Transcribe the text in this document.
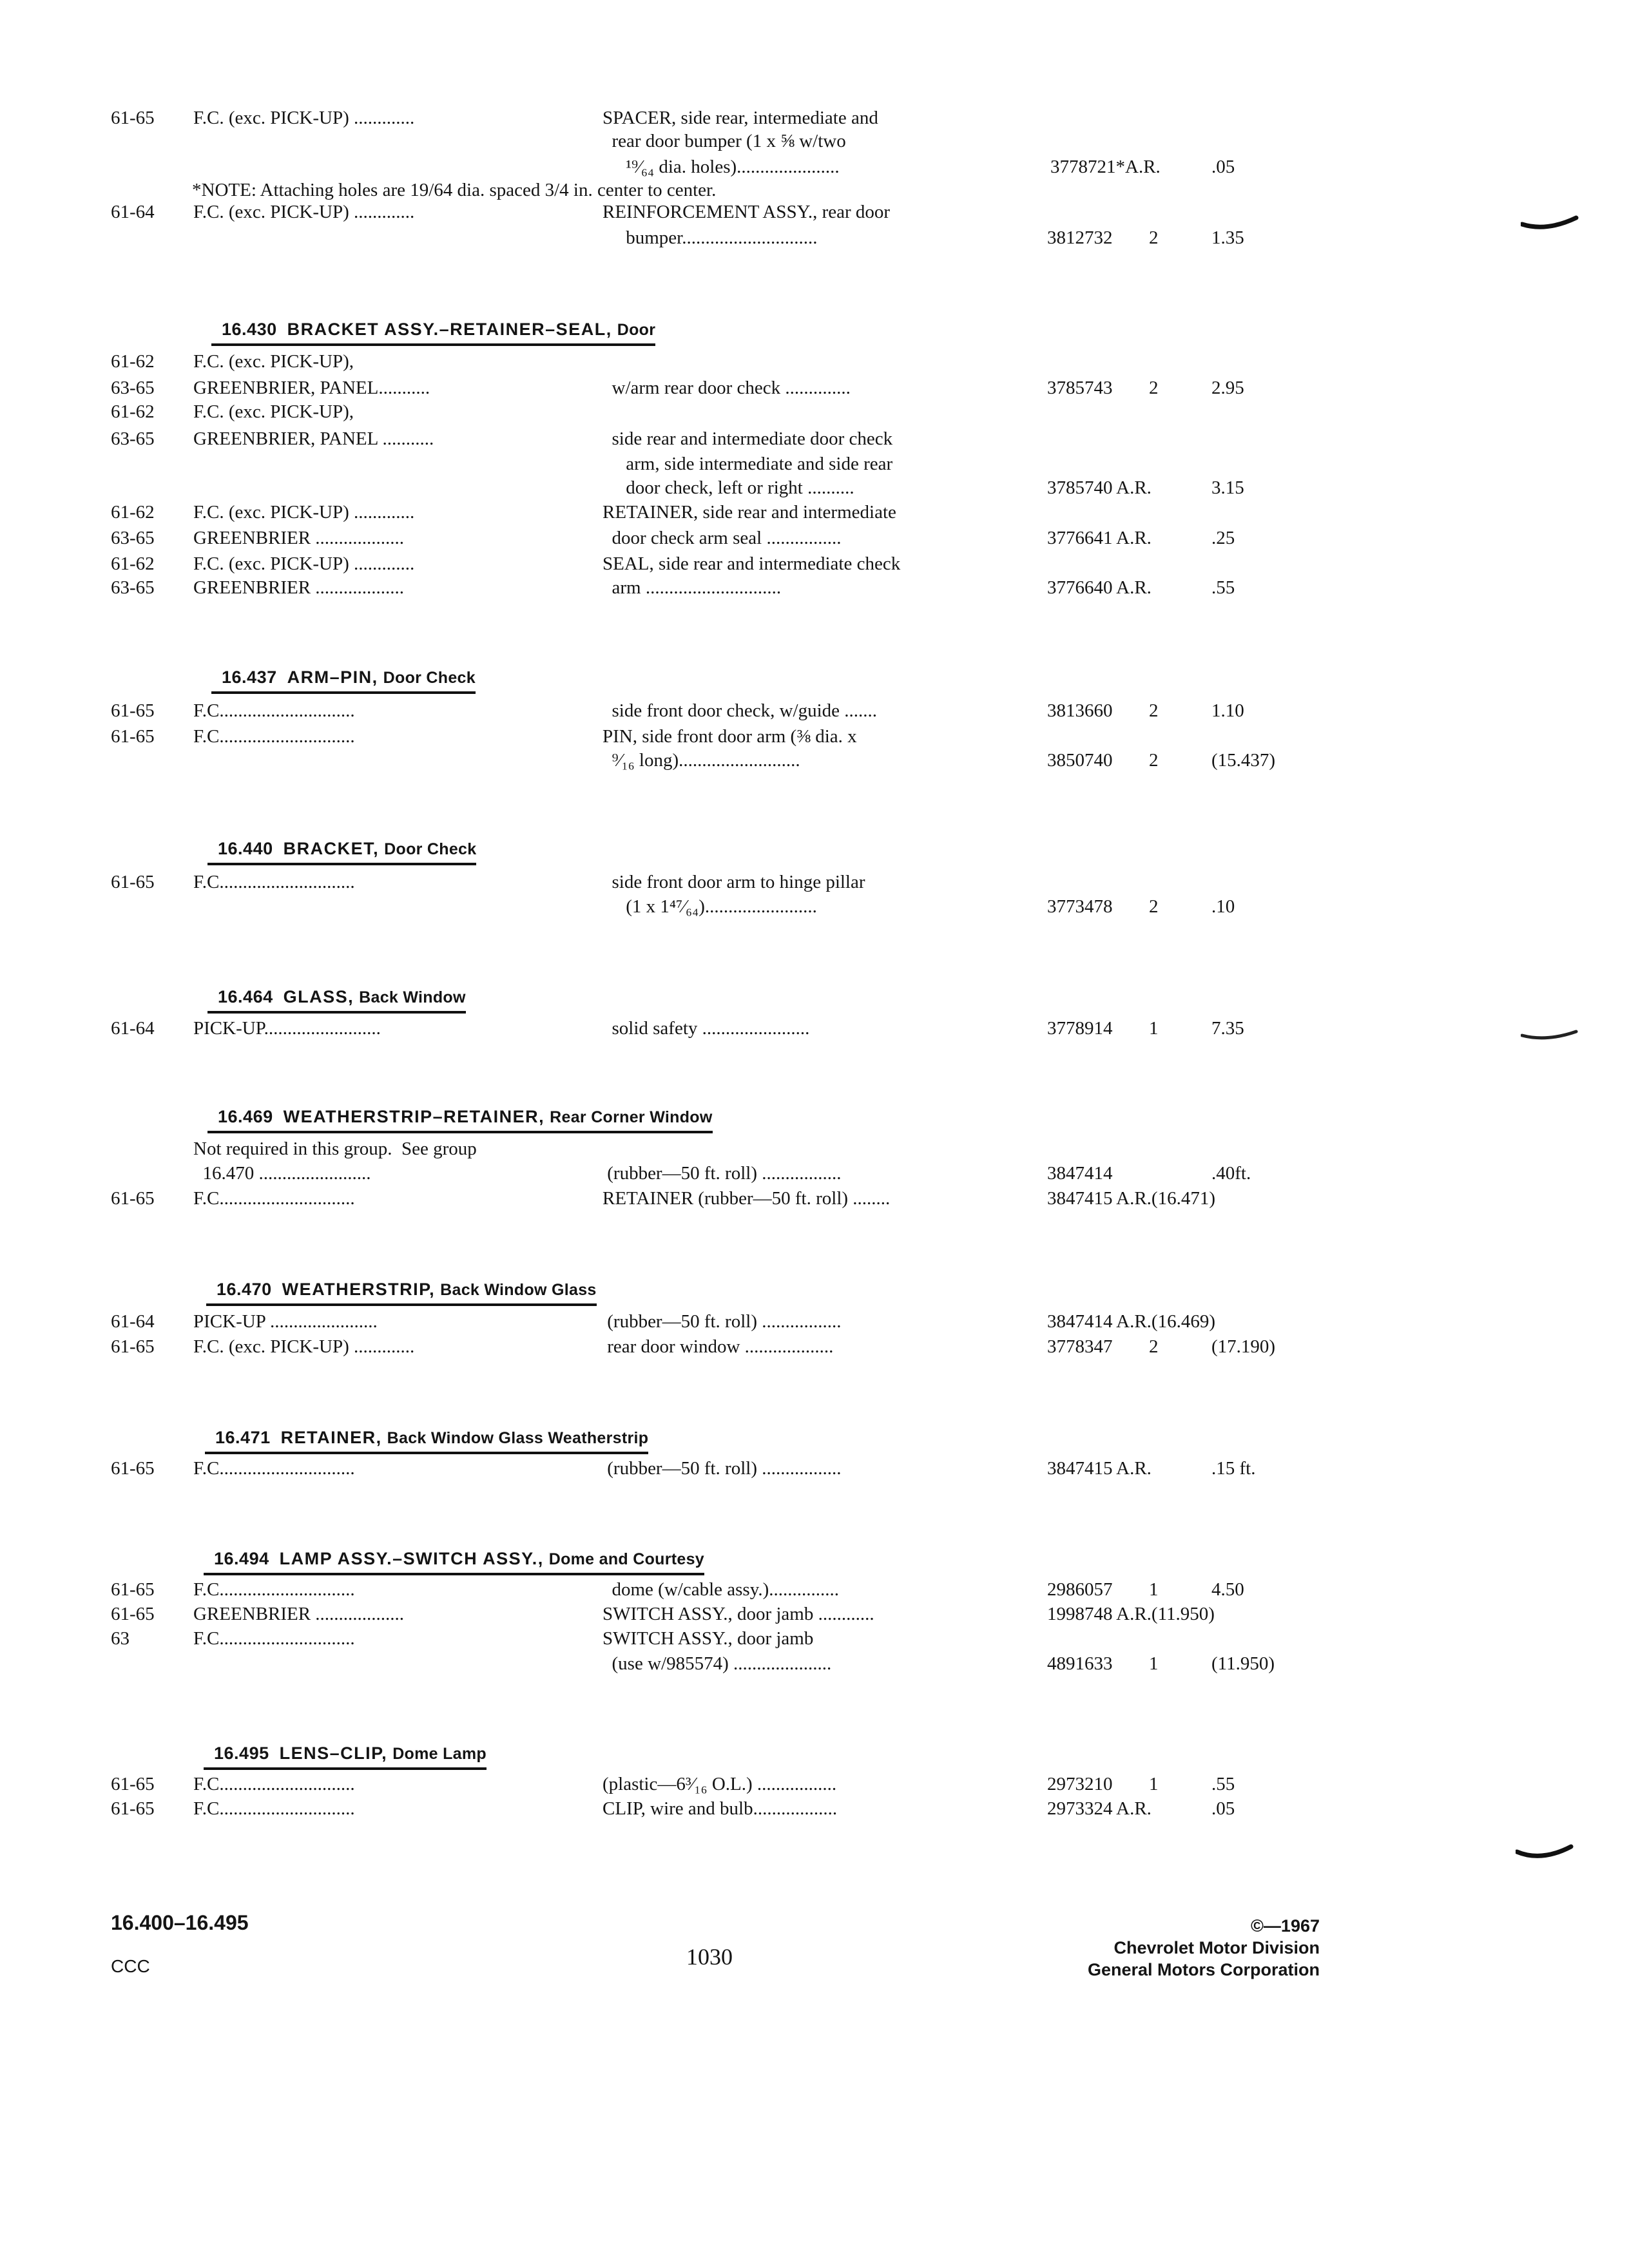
61-65 F.C. (exc. PICK-UP) .............	SPACER, side rear, intermediate and
rear door bumper (1 x ⅝ w/two
¹⁹⁄₆₄ dia. holes)......................	3778721*A.R.	.05
*NOTE: Attaching holes are 19/64 dia. spaced 3/4 in. center to center.
61-64 F.C. (exc. PICK-UP) .............	REINFORCEMENT ASSY., rear door
bumper.............................	3812732 2	1.35
61-62 F.C. (exc. PICK-UP),
63-65 GREENBRIER, PANEL...........	w/arm rear door check ..............	3785743 2	2.95
61-62 F.C. (exc. PICK-UP),
63-65 GREENBRIER, PANEL ...........	side rear and intermediate door check
arm, side intermediate and side rear
door check, left or right ..........	3785740 A.R.	3.15
61-62 F.C. (exc. PICK-UP) .............	RETAINER, side rear and intermediate
63-65 GREENBRIER ...................	door check arm seal ................	3776641 A.R.	.25
61-62 F.C. (exc. PICK-UP) .............	SEAL, side rear and intermediate check
63-65 GREENBRIER ...................	arm .............................	3776640 A.R.	.55
61-65 F.C.............................	side front door check, w/guide .......	3813660 2	1.10
61-65 F.C.............................	PIN, side front door arm (⅜ dia. x
⁹⁄₁₆ long)..........................	3850740 2	(15.437)
61-65 F.C.............................	side front door arm to hinge pillar
(1 x 1⁴⁷⁄₆₄)........................	3773478 2	.10
61-64 PICK-UP.........................	solid safety .......................	3778914 1	7.35
Not required in this group.  See group
16.470 ........................	(rubber—50 ft. roll) .................	3847414	.40ft.
61-65 F.C.............................	RETAINER (rubber—50 ft. roll) ........	3847415 A.R.(16.471)
61-64 PICK-UP .......................	(rubber—50 ft. roll) .................	3847414 A.R.(16.469)
61-65 F.C. (exc. PICK-UP) .............	rear door window ...................	3778347 2	(17.190)
61-65 F.C.............................	(rubber—50 ft. roll) .................	3847415 A.R.	.15 ft.
61-65 F.C.............................	dome (w/cable assy.)...............	2986057 1	4.50
61-65 GREENBRIER ...................	SWITCH ASSY., door jamb ............	1998748 A.R.(11.950)
63	F.C.............................	SWITCH ASSY., door jamb
(use w/985574) .....................	4891633 1	(11.950)
61-65 F.C.............................	(plastic—6³⁄₁₆ O.L.) .................	2973210 1	.55
61-65 F.C.............................	CLIP, wire and bulb..................	2973324 A.R.	.05

16.430 BRACKET ASSY.–RETAINER–SEAL, Door

16.437 ARM–PIN, Door Check

16.440 BRACKET, Door Check

16.464 GLASS, Back Window

16.469 WEATHERSTRIP–RETAINER, Rear Corner Window

16.470 WEATHERSTRIP, Back Window Glass

16.471 RETAINER, Back Window Glass Weatherstrip

16.494 LAMP ASSY.–SWITCH ASSY., Dome and Courtesy

16.495 LENS–CLIP, Dome Lamp

16.400–16.495
CCC	1030
©—1967
Chevrolet Motor Division
General Motors Corporation
